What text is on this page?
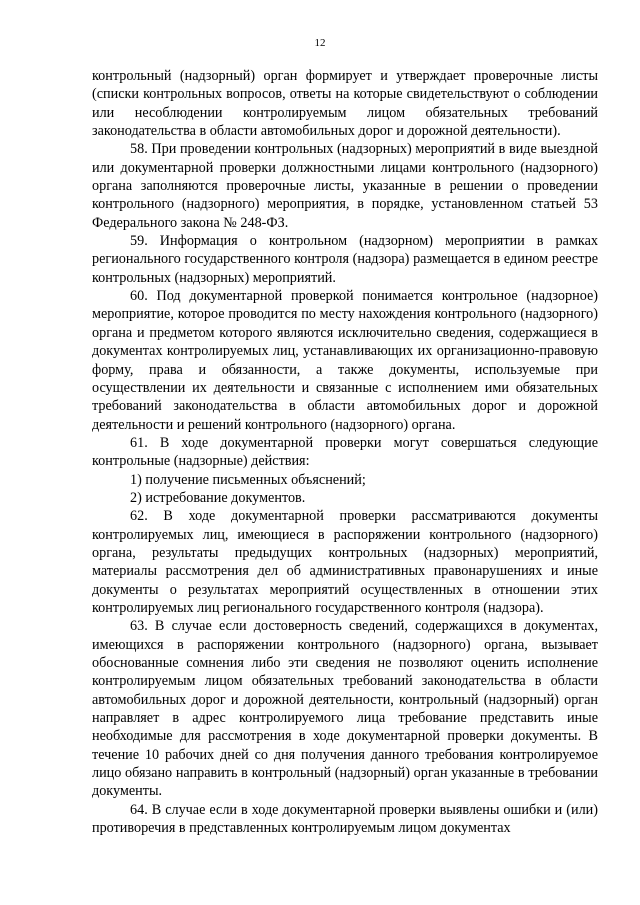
12

контрольный (надзорный) орган формирует и утверждает проверочные листы (списки контрольных вопросов, ответы на которые свидетельствуют о соблюдении или несоблюдении контролируемым лицом обязательных требований законодательства в области автомобильных дорог и дорожной деятельности).

58. При проведении контрольных (надзорных) мероприятий в виде выездной или документарной проверки должностными лицами контрольного (надзорного) органа заполняются проверочные листы, указанные в решении о проведении контрольного (надзорного) мероприятия, в порядке, установленном статьей 53 Федерального закона № 248-ФЗ.

59. Информация о контрольном (надзорном) мероприятии в рамках регионального государственного контроля (надзора) размещается в едином реестре контрольных (надзорных) мероприятий.

60. Под документарной проверкой понимается контрольное (надзорное) мероприятие, которое проводится по месту нахождения контрольного (надзорного) органа и предметом которого являются исключительно сведения, содержащиеся в документах контролируемых лиц, устанавливающих их организационно-правовую форму, права и обязанности, а также документы, используемые при осуществлении их деятельности и связанные с исполнением ими обязательных требований законодательства в области автомобильных дорог и дорожной деятельности и решений контрольного (надзорного) органа.

61. В ходе документарной проверки могут совершаться следующие контрольные (надзорные) действия:

1) получение письменных объяснений;

2) истребование документов.

62. В ходе документарной проверки рассматриваются документы контролируемых лиц, имеющиеся в распоряжении контрольного (надзорного) органа, результаты предыдущих контрольных (надзорных) мероприятий, материалы рассмотрения дел об административных правонарушениях и иные документы о результатах мероприятий осуществленных в отношении этих контролируемых лиц регионального государственного контроля (надзора).

63. В случае если достоверность сведений, содержащихся в документах, имеющихся в распоряжении контрольного (надзорного) органа, вызывает обоснованные сомнения либо эти сведения не позволяют оценить исполнение контролируемым лицом обязательных требований законодательства в области автомобильных дорог и дорожной деятельности, контрольный (надзорный) орган направляет в адрес контролируемого лица требование представить иные необходимые для рассмотрения в ходе документарной проверки документы. В течение 10 рабочих дней со дня получения данного требования контролируемое лицо обязано направить в контрольный (надзорный) орган указанные в требовании документы.

64. В случае если в ходе документарной проверки выявлены ошибки и (или) противоречия в представленных контролируемым лицом документах
